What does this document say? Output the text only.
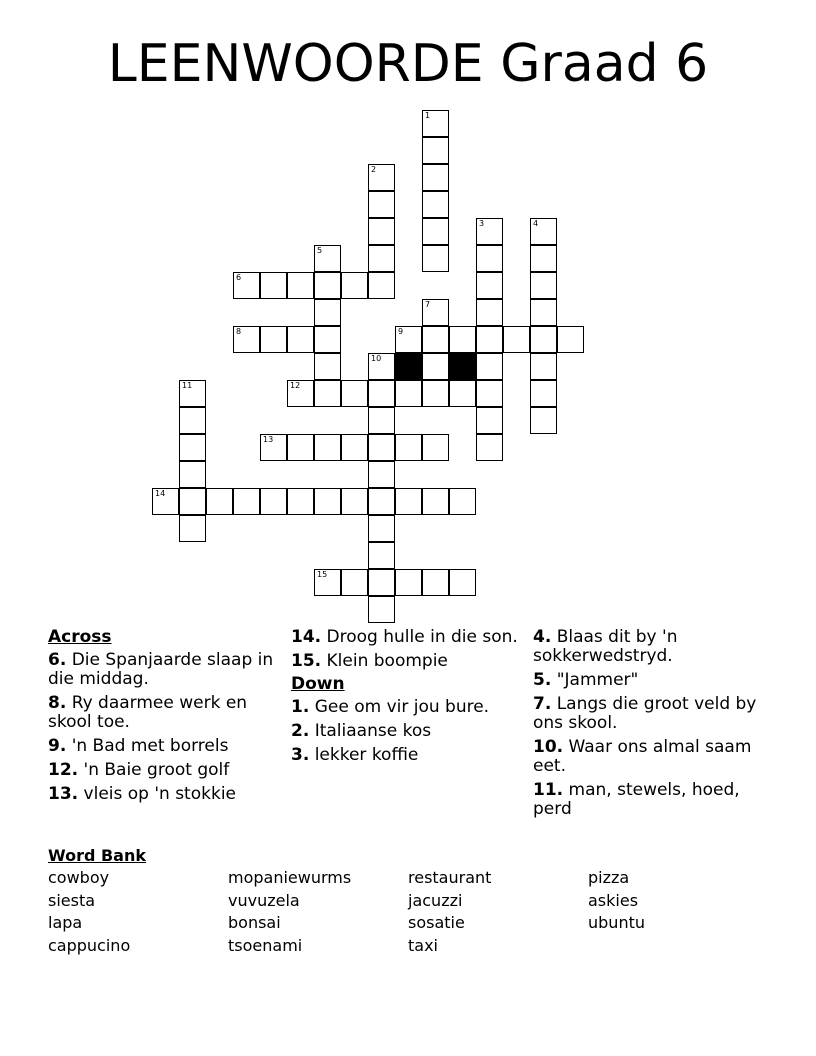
LEENWOORDE Graad 6
1
2
3	4
5
6
7
8	9
10
11	12
13
14
15
Across
6. Die Spanjaarde slaap in die middag.
8. Ry daarmee werk en skool toe.
9. 'n Bad met borrels
12. 'n Baie groot golf
13. vleis op 'n stokkie
14. Droog hulle in die son.
15. Klein boompie
Down
1. Gee om vir jou bure.
2. Italiaanse kos
3. lekker koffie
4. Blaas dit by 'n sokkerwedstryd.
5. "Jammer"
7. Langs die groot veld by ons skool.
10. Waar ons almal saam eet.
11. man, stewels, hoed, perd
Word Bank
cowboy
siesta
lapa
cappucino
mopaniewurms
vuvuzela
bonsai
tsoenami
restaurant
jacuzzi
sosatie
taxi
pizza
askies
ubuntu
